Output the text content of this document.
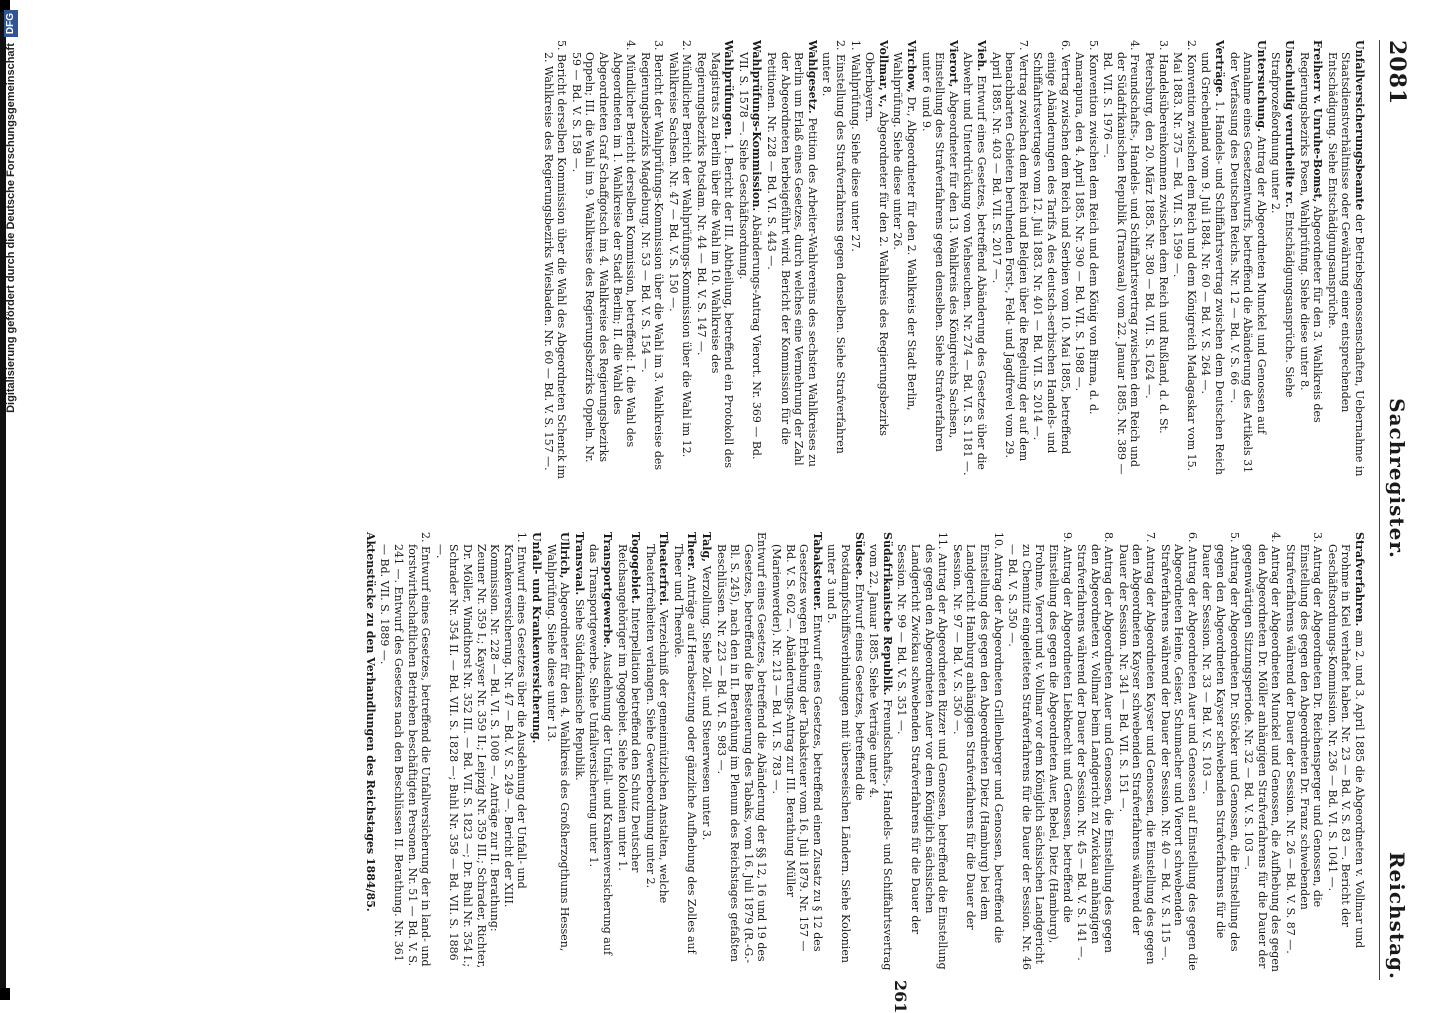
Digitalisierung gefördert durch die Deutsche Forschungsgemeinschaft
DFG
2081
Sachregister.
Reichstag.

Unfallversicherungsbeamte der Betriebsgenossenschaften, Uebernahme in Staatsdienstverhältnisse oder Gewährung einer entsprechenden Entschädigung. Siehe Entschädigungsansprüche.

Freiherr v. Unruhe-Bomst, Abgeordneter für den 3. Wahlkreis des Regierungsbezirks Posen, Wahlprüfung. Siehe diese unter 8.

Unschuldig verurtheilte rc. Entschädigungsansprüche. Siehe Strafprozeßordnung unter 2.

Untersuchung. Antrag der Abgeordneten Munckel und Genossen auf Annahme eines Gesetzentwurfs, betreffend die Abänderung des Artikels 31 der Verfassung des Deutschen Reichs. Nr. 12 — Bd. V. S. 66 —.

Verträge. 1. Handels- und Schiffahrtsvertrag zwischen dem Deutschen Reich und Griechenland vom 9. Juli 1884. Nr. 60 — Bd. V. S. 264 —.

2. Konvention zwischen dem Reich und dem Königreich Madagaskar vom 15. Mai 1883. Nr. 375 — Bd. VII. S. 1599 —.

3. Handelsübereinkommen zwischen dem Reich und Rußland, d. d. St. Petersburg, den 20. März 1885. Nr. 380 — Bd. VII. S. 1624 —.

4. Freundschafts-, Handels- und Schiffahrtsvertrag zwischen dem Reich und der Südafrikanischen Republik (Transvaal) vom 22. Januar 1885. Nr. 389 — Bd. VII. S. 1976 —.

5. Konvention zwischen dem Reich und dem König von Birma, d. d. Amarapura, den 4. April 1885. Nr. 390 — Bd. VII. S. 1988 —.

6. Vertrag zwischen dem Reich und Serbien vom 10. Mai 1885, betreffend einige Abänderungen des Tarifs A des deutsch-serbischen Handels- und Schiffahrtsvertrages vom 12. Juli 1883. Nr. 401 — Bd. VII. S. 2014 —.

7. Vertrag zwischen dem Reich und Belgien über die Regelung der auf dem benachbarten Gebieten beruhenden Forst-, Feld- und Jagdfrevel vom 29. April 1885. Nr. 403 — Bd. VII. S. 2017 —.

Vieh. Entwurf eines Gesetzes, betreffend Abänderung des Gesetzes über die Abwehr und Unterdrückung von Viehseuchen. Nr. 274 — Bd. VI. S. 1181 —.

Vierort, Abgeordneter für den 13. Wahlkreis des Königreichs Sachsen, Einstellung des Strafverfahrens gegen denselben. Siehe Strafverfahren unter 6 und 9.

Virchow, Dr., Abgeordneter für den 2. Wahlkreis der Stadt Berlin, Wahlprüfung. Siehe diese unter 26.

Vollmar, v., Abgeordneter für den 2. Wahlkreis des Regierungsbezirks Oberbayern.

1. Wahlprüfung. Siehe diese unter 27.

2. Einstellung des Strafverfahrens gegen denselben. Siehe Strafverfahren unter 8.

Wahlgesetz. Petition des Arbeiter-Wahlvereins des sechsten Wahlkreises zu Berlin um Erlaß eines Gesetzes, durch welches eine Vermehrung der Zahl der Abgeordneten herbeigeführt wird. Bericht der Kommission für die Petitionen. Nr. 228 — Bd. VI. S. 443 —.

Wahlprüfungs-Kommission. Abänderungs-Antrag Vierort. Nr. 369 — Bd. VII. S. 1578 —. Siehe Geschäftsordnung.

Wahlprüfungen. 1. Bericht der III. Abtheilung, betreffend ein Protokoll des Magistrats zu Berlin über die Wahl im 10. Wahlkreise des Regierungsbezirks Potsdam. Nr. 44 — Bd. V. S. 147 —.

2. Mündlicher Bericht der Wahlprüfungs-Kommission über die Wahl im 12. Wahlkreise Sachsen. Nr. 47 — Bd. V. S. 150 —.

3. Bericht der Wahlprüfungs-Kommission über die Wahl im 3. Wahlkreise des Regierungsbezirks Magdeburg. Nr. 53 — Bd. V. S. 154 —.

4. Mündlicher Bericht derselben Kommission, betreffend: I. die Wahl des Abgeordneten im 1. Wahlkreise der Stadt Berlin; II. die Wahl des Abgeordneten Graf Schaffgotsch im 4. Wahlkreise des Regierungsbezirks Oppeln; III. die Wahl im 9. Wahlkreise des Regierungsbezirks Oppeln. Nr. 59 — Bd. V. S. 158 —.

5. Bericht derselben Kommission über die Wahl des Abgeordneten Schenck im 2. Wahlkreise des Regierungsbezirks Wiesbaden. Nr. 60 — Bd. V. S. 157 —.

Strafverfahren. am 2. und 3. April 1885 die Abgeordneten v. Vollmar und Frohme in Kiel verhaftet haben. Nr. 23 — Bd. V. S. 83 —. Bericht der Geschäftsordnungs-Kommission. Nr. 236 — Bd. VI. S. 1041 —.

3. Antrag der Abgeordneten Dr. Reichensperger und Genossen, die Einstellung des gegen den Abgeordneten Dr. Franz schwebenden Strafverfahrens während der Dauer der Session. Nr. 26 — Bd. V. S. 87 —.

4. Antrag der Abgeordneten Munckel und Genossen, die Aufhebung des gegen den Abgeordneten Dr. Möller anhängigen Strafverfahrens für die Dauer der gegenwärtigen Sitzungsperiode. Nr. 32 — Bd. V. S. 103 —.

5. Antrag der Abgeordneten Dr. Stöcker und Genossen, die Einstellung des gegen den Abgeordneten Kayser schwebenden Strafverfahrens für die Dauer der Session. Nr. 33 — Bd. V. S. 103 —.

6. Antrag der Abgeordneten Auer und Genossen auf Einstellung des gegen die Abgeordneten Heine, Geiser, Schumacher und Vierort schwebenden Strafverfahrens während der Dauer der Session. Nr. 40 — Bd. V. S. 115 —.

7. Antrag der Abgeordneten Kayser und Genossen, die Einstellung des gegen den Abgeordneten Kayser schwebenden Strafverfahrens während der Dauer der Session. Nr. 341 — Bd. VII. S. 151 —.

8. Antrag der Abgeordneten Auer und Genossen, die Einstellung des gegen den Abgeordneten v. Vollmar beim Landgericht zu Zwickau anhängigen Strafverfahrens während der Dauer der Session. Nr. 45 — Bd. V. S. 141 —.

9. Antrag der Abgeordneten Liebknecht und Genossen, betreffend die Einstellung des gegen die Abgeordneten Auer, Bebel, Dietz (Hamburg), Frohme, Vierort und v. Vollmar vor dem Königlich sächsischen Landgericht zu Chemnitz eingeleiteten Strafverfahrens für die Dauer der Session. Nr. 46 — Bd. V. S. 350 —.

10. Antrag der Abgeordneten Grillenberger und Genossen, betreffend die Einstellung des gegen den Abgeordneten Dietz (Hamburg) bei dem Landgericht Hamburg anhängigen Strafverfahrens für die Dauer der Session. Nr. 97 — Bd. V. S. 350 —.

11. Antrag der Abgeordneten Rizzer und Genossen, betreffend die Einstellung des gegen den Abgeordneten Auer vor dem Königlich sächsischen Landgericht Zwickau schwebenden Strafverfahrens für die Dauer der Session. Nr. 99 — Bd. V. S. 351 —.

Südafrikanische Republik. Freundschafts-, Handels- und Schiffahrtsvertrag vom 22. Januar 1885. Siehe Verträge unter 4.

Südsee. Entwurf eines Gesetzes, betreffend die Postdampfschiffsverbindungen mit überseeischen Ländern. Siehe Kolonien unter 3 und 5.

Tabaksteuer. Entwurf eines Gesetzes, betreffend einen Zusatz zu § 12 des Gesetzes wegen Erhebung der Tabaksteuer vom 16. Juli 1879. Nr. 157 — Bd. V. S. 602 —. Abänderungs-Antrag zur III. Berathung Müller (Marienwerder). Nr. 213 — Bd. VI. S. 783 —.

Entwurf eines Gesetzes, betreffend die Abänderung der §§ 12, 16 und 19 des Gesetzes, betreffend die Besteuerung des Tabaks, vom 16. Juli 1879 (R.-G.-Bl. S. 245), nach den in II. Berathung im Plenum des Reichstages gefaßten Beschlüssen. Nr. 223 — Bd. VI. S. 983 —.

Talg, Verzollung. Siehe Zoll- und Steuerwesen unter 3.

Theer. Anträge auf Herabsetzung oder gänzliche Aufhebung des Zolles auf Theer und Theeröle.

Theaterfrei. Verzeichniß der gemeinnützlichen Anstalten, welche Theaterfreiheiten verlangen. Siehe Gewerbeordnung unter 2.

Togogebiet. Interpellation betreffend den Schutz Deutscher Reichsangehöriger im Togogebiet. Siehe Kolonien unter 1.

Transportgewerbe. Ausdehnung der Unfall- und Krankenversicherung auf das Transportgewerbe. Siehe Unfallversicherung unter 1.

Transvaal. Siehe Südafrikanische Republik.

Ullrich, Abgeordneter für den 4. Wahlkreis des Großherzogthums Hessen, Wahlprüfung. Siehe diese unter 13.

Unfall- und Krankenversicherung.

1. Entwurf eines Gesetzes über die Ausdehnung der Unfall- und Krankenversicherung. Nr. 47 — Bd. V. S. 249 —. Bericht der XIII. Kommission. Nr. 228 — Bd. VI. S. 1008 —. Anträge zur II. Berathung: Zeuner Nr. 359 I.; Kayser Nr. 359 II.; Leipzig Nr. 359 III.; Schrader, Richter, Dr. Möller, Windthorst Nr. 352 III. — Bd. VII. S. 1823 —; Dr. Buhl Nr. 354 I.; Schrader Nr. 354 II. — Bd. VII. S. 1828 —; Buhl Nr. 358 — Bd. VII. S. 1886 —.

2. Entwurf eines Gesetzes, betreffend die Unfallversicherung der in land- und forstwirthschaftlichen Betrieben beschäftigten Personen. Nr. 51 — Bd. V. S. 241 —. Entwurf des Gesetzes nach den Beschlüssen II. Berathung. Nr. 361 — Bd. VII. S. 1889 —.

Aktenstücke zu den Verhandlungen des Reichstages 1884/85.

261
